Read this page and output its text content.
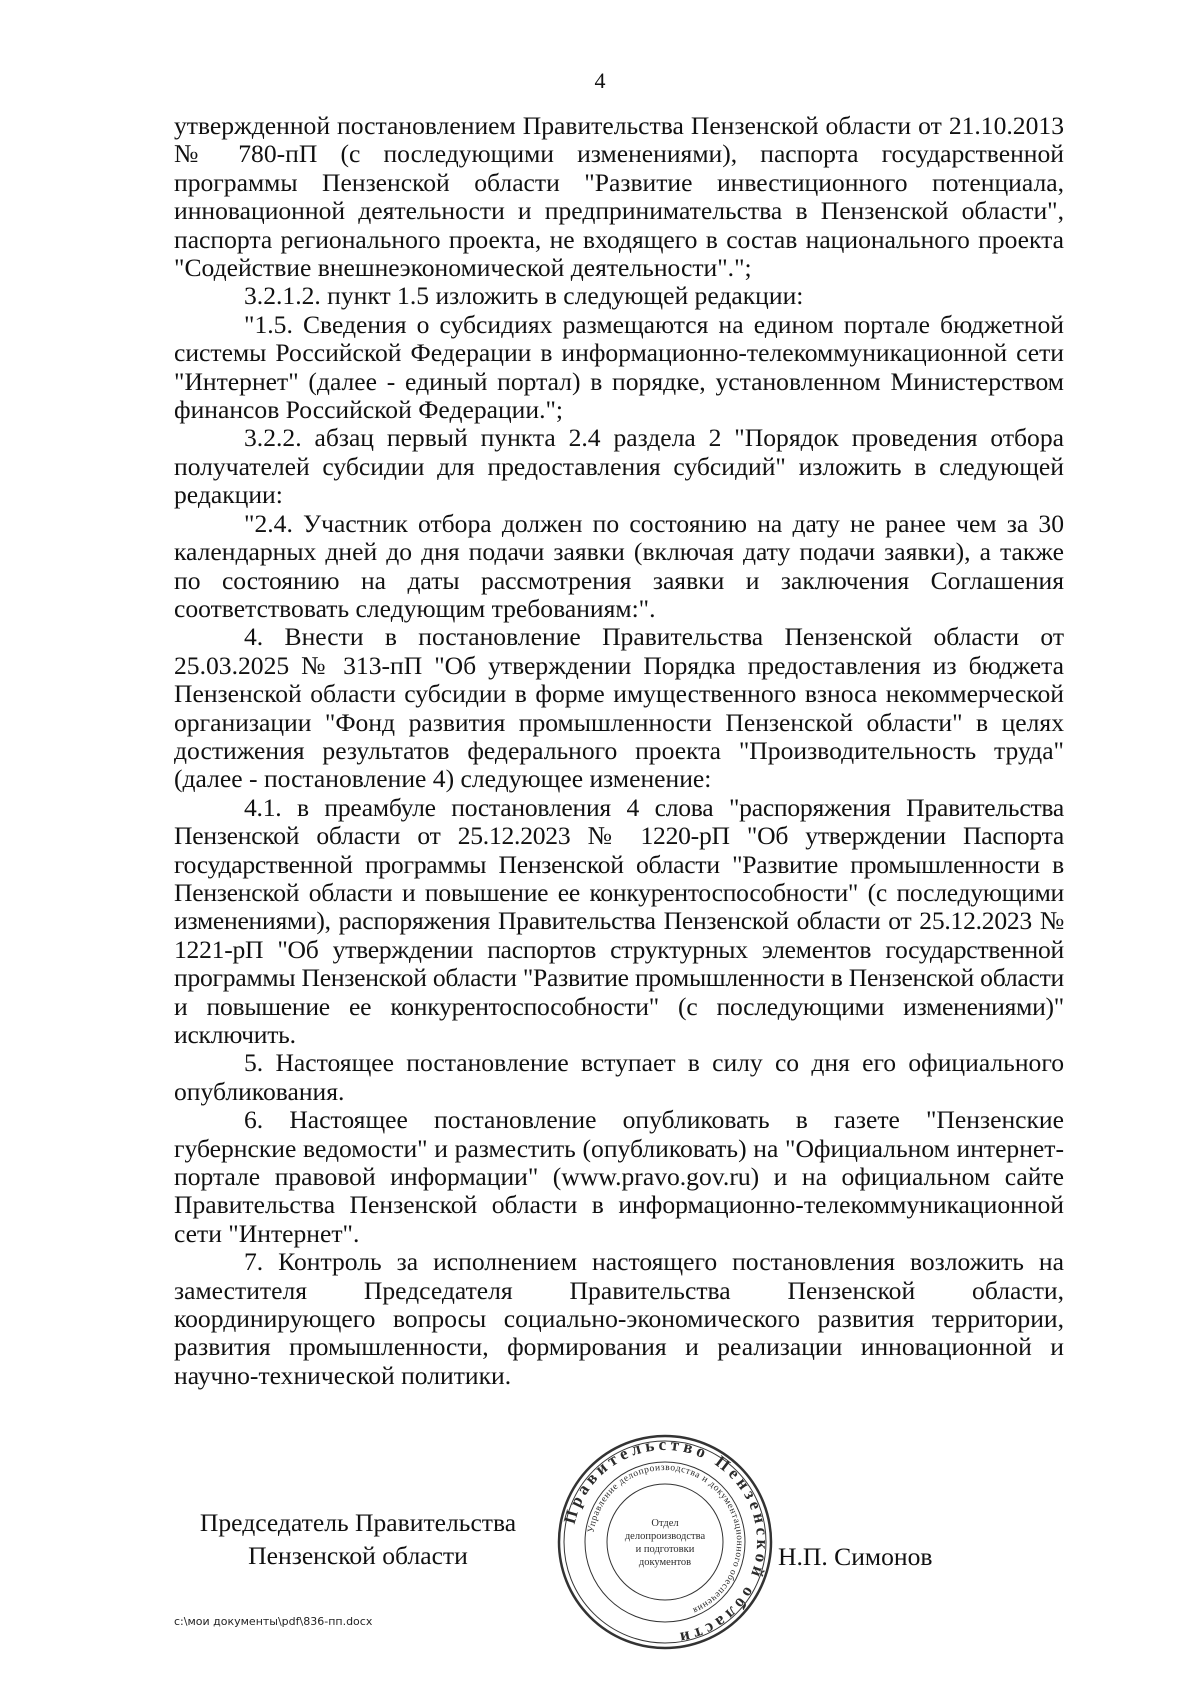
4

утвержденной постановлением Правительства Пензенской области от 21.10.2013 № 780-пП (с последующими изменениями), паспорта государственной программы Пензенской области "Развитие инвестиционного потенциала, инновационной деятельности и предпринимательства в Пензенской области", паспорта регионального проекта, не входящего в состав национального проекта "Содействие внешнеэкономической деятельности".";

3.2.1.2. пункт 1.5 изложить в следующей редакции:

"1.5. Сведения о субсидиях размещаются на едином портале бюджетной системы Российской Федерации в информационно-телекоммуникационной сети "Интернет" (далее - единый портал) в порядке, установленном Министерством финансов Российской Федерации.";

3.2.2. абзац первый пункта 2.4 раздела 2 "Порядок проведения отбора получателей субсидии для предоставления субсидий" изложить в следующей редакции:

"2.4. Участник отбора должен по состоянию на дату не ранее чем за 30 календарных дней до дня подачи заявки (включая дату подачи заявки), а также по состоянию на даты рассмотрения заявки и заключения Соглашения соответствовать следующим требованиям:".

4. Внести в постановление Правительства Пензенской области от 25.03.2025 № 313-пП "Об утверждении Порядка предоставления из бюджета Пензенской области субсидии в форме имущественного взноса некоммерческой организации "Фонд развития промышленности Пензенской области" в целях достижения результатов федерального проекта "Производительность труда" (далее - постановление 4) следующее изменение:

4.1. в преамбуле постановления 4 слова "распоряжения Правительства Пензенской области от 25.12.2023 № 1220-рП "Об утверждении Паспорта государственной программы Пензенской области "Развитие промышленности в Пензенской области и повышение ее конкурентоспособности" (с последующими изменениями), распоряжения Правительства Пензенской области от 25.12.2023 № 1221-рП "Об утверждении паспортов структурных элементов государственной программы Пензенской области "Развитие промышленности в Пензенской области и повышение ее конкурентоспособности" (с последующими изменениями)" исключить.

5. Настоящее постановление вступает в силу со дня его официального опубликования.

6. Настоящее постановление опубликовать в газете "Пензенские губернские ведомости" и разместить (опубликовать) на "Официальном интернет-портале правовой информации" (www.pravo.gov.ru) и на официальном сайте Правительства Пензенской области в информационно-телекоммуникационной сети "Интернет".

7. Контроль за исполнением настоящего постановления возложить на заместителя Председателя Правительства Пензенской области, координирующего вопросы социально-экономического развития территории, развития промышленности, формирования и реализации инновационной и научно-технической политики.

Председатель Правительства
Пензенской области
Правительство Пензенской области
Управление делопроизводства и документационного обеспечения
Отдел
делопроизводства
и подготовки
документов	Н.П. Симонов
c:\мои документы\pdf\836-пп.docx
